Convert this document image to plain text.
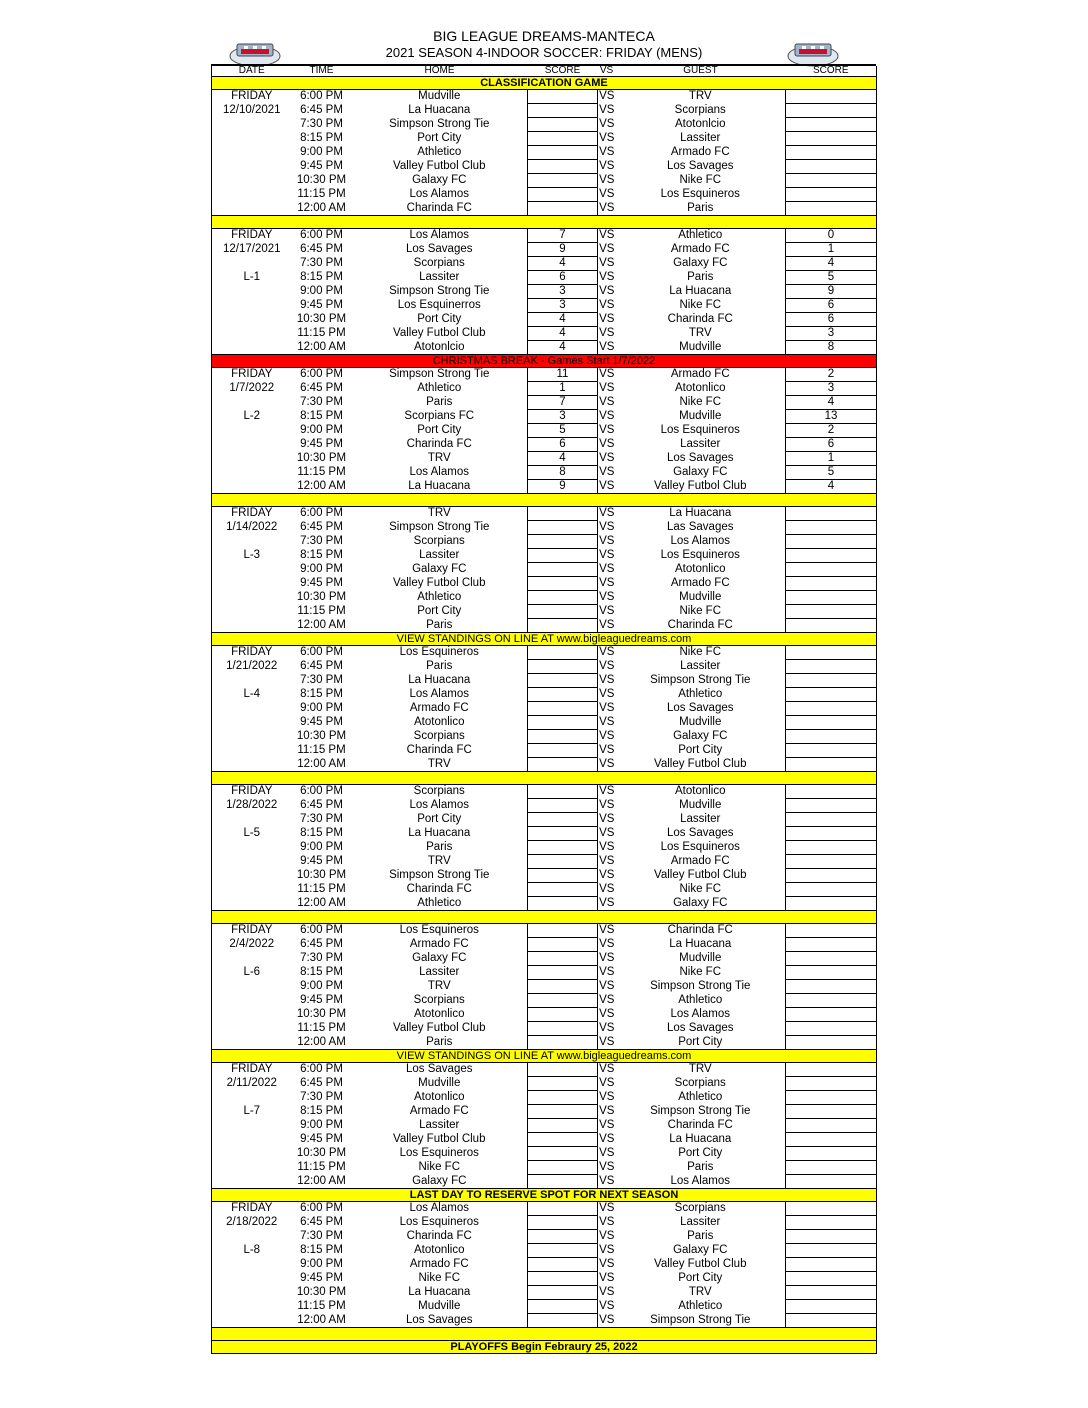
BIG LEAGUE DREAMS-MANTECA
2021 SEASON 4-INDOOR SOCCER: FRIDAY (MENS)
DATE	TIME	HOME	SCORE	VS	GUEST	SCORE
CLASSIFICATION GAME						
FRIDAY	6:00 PM	Mudville		VS	TRV	
12/10/2021	6:45 PM	La Huacana		VS	Scorpians	
	7:30 PM	Simpson Strong Tie		VS	Atotonlcio	
	8:15 PM	Port City		VS	Lassiter	
	9:00 PM	Athletico		VS	Armado FC	
	9:45 PM	Valley Futbol Club		VS	Los Savages	
	10:30 PM	Galaxy FC		VS	Nike FC	
	11:15 PM	Los Alamos		VS	Los Esquineros	
	12:00 AM	Charinda FC		VS	Paris	

FRIDAY	6:00 PM	Los Alamos	7	VS	Athletico	0
12/17/2021	6:45 PM	Los Savages	9	VS	Armado FC	1
	7:30 PM	Scorpians	4	VS	Galaxy FC	4
L-1	8:15 PM	Lassiter	6	VS	Paris	5
	9:00 PM	Simpson Strong Tie	3	VS	La Huacana	9
	9:45 PM	Los Esquinerros	3	VS	Nike FC	6
	10:30 PM	Port City	4	VS	Charinda FC	6
	11:15 PM	Valley Futbol Club	4	VS	TRV	3
	12:00 AM	Atotonlcio	4	VS	Mudville	8
CHRISTMAS BREAK - Games Start 1/7/2022						
FRIDAY	6:00 PM	Simpson Strong Tie	11	VS	Armado FC	2
1/7/2022	6:45 PM	Athletico	1	VS	Atotonlico	3
	7:30 PM	Paris	7	VS	Nike FC	4
L-2	8:15 PM	Scorpians FC	3	VS	Mudville	13
	9:00 PM	Port City	5	VS	Los Esquineros	2
	9:45 PM	Charinda FC	6	VS	Lassiter	6
	10:30 PM	TRV	4	VS	Los Savages	1
	11:15 PM	Los Alamos	8	VS	Galaxy FC	5
	12:00 AM	La Huacana	9	VS	Valley Futbol Club	4

FRIDAY	6:00 PM	TRV		VS	La Huacana	
1/14/2022	6:45 PM	Simpson Strong Tie		VS	Las Savages	
	7:30 PM	Scorpians		VS	Los Alamos	
L-3	8:15 PM	Lassiter		VS	Los Esquineros	
	9:00 PM	Galaxy FC		VS	Atotonlico	
	9:45 PM	Valley Futbol Club		VS	Armado FC	
	10:30 PM	Athletico		VS	Mudville	
	11:15 PM	Port City		VS	Nike FC	
	12:00 AM	Paris		VS	Charinda FC	
VIEW STANDINGS ON LINE AT www.bigleaguedreams.com						
FRIDAY	6:00 PM	Los Esquineros		VS	Nike FC	
1/21/2022	6:45 PM	Paris		VS	Lassiter	
	7:30 PM	La Huacana		VS	Simpson Strong Tie	
L-4	8:15 PM	Los Alamos		VS	Athletico	
	9:00 PM	Armado FC		VS	Los Savages	
	9:45 PM	Atotonlico		VS	Mudville	
	10:30 PM	Scorpians		VS	Galaxy FC	
	11:15 PM	Charinda FC		VS	Port City	
	12:00 AM	TRV		VS	Valley Futbol Club	

FRIDAY	6:00 PM	Scorpians		VS	Atotonlico	
1/28/2022	6:45 PM	Los Alamos		VS	Mudville	
	7:30 PM	Port City		VS	Lassiter	
L-5	8:15 PM	La Huacana		VS	Los Savages	
	9:00 PM	Paris		VS	Los Esquineros	
	9:45 PM	TRV		VS	Armado FC	
	10:30 PM	Simpson Strong Tie		VS	Valley Futbol Club	
	11:15 PM	Charinda FC		VS	Nike FC	
	12:00 AM	Athletico		VS	Galaxy FC	

FRIDAY	6:00 PM	Los Esquineros		VS	Charinda FC	
2/4/2022	6:45 PM	Armado FC		VS	La Huacana	
	7:30 PM	Galaxy FC		VS	Mudville	
L-6	8:15 PM	Lassiter		VS	Nike FC	
	9:00 PM	TRV		VS	Simpson Strong Tie	
	9:45 PM	Scorpians		VS	Athletico	
	10:30 PM	Atotonlico		VS	Los Alamos	
	11:15 PM	Valley Futbol Club		VS	Los Savages	
	12:00 AM	Paris		VS	Port City	
VIEW STANDINGS ON LINE AT www.bigleaguedreams.com						
FRIDAY	6:00 PM	Los Savages		VS	TRV	
2/11/2022	6:45 PM	Mudville		VS	Scorpians	
	7:30 PM	Atotonlico		VS	Athletico	
L-7	8:15 PM	Armado FC		VS	Simpson Strong Tie	
	9:00 PM	Lassiter		VS	Charinda FC	
	9:45 PM	Valley Futbol Club		VS	La Huacana	
	10:30 PM	Los Esquineros		VS	Port City	
	11:15 PM	Nike FC		VS	Paris	
	12:00 AM	Galaxy FC		VS	Los Alamos	
LAST DAY TO RESERVE SPOT FOR NEXT SEASON						
FRIDAY	6:00 PM	Los Alamos		VS	Scorpians	
2/18/2022	6:45 PM	Los Esquineros		VS	Lassiter	
	7:30 PM	Charinda FC		VS	Paris	
L-8	8:15 PM	Atotonlico		VS	Galaxy FC	
	9:00 PM	Armado FC		VS	Valley Futbol Club	
	9:45 PM	Nike FC		VS	Port City	
	10:30 PM	La Huacana		VS	TRV	
	11:15 PM	Mudville		VS	Athletico	
	12:00 AM	Los Savages		VS	Simpson Strong Tie	

PLAYOFFS Begin Febraury 25, 2022						
